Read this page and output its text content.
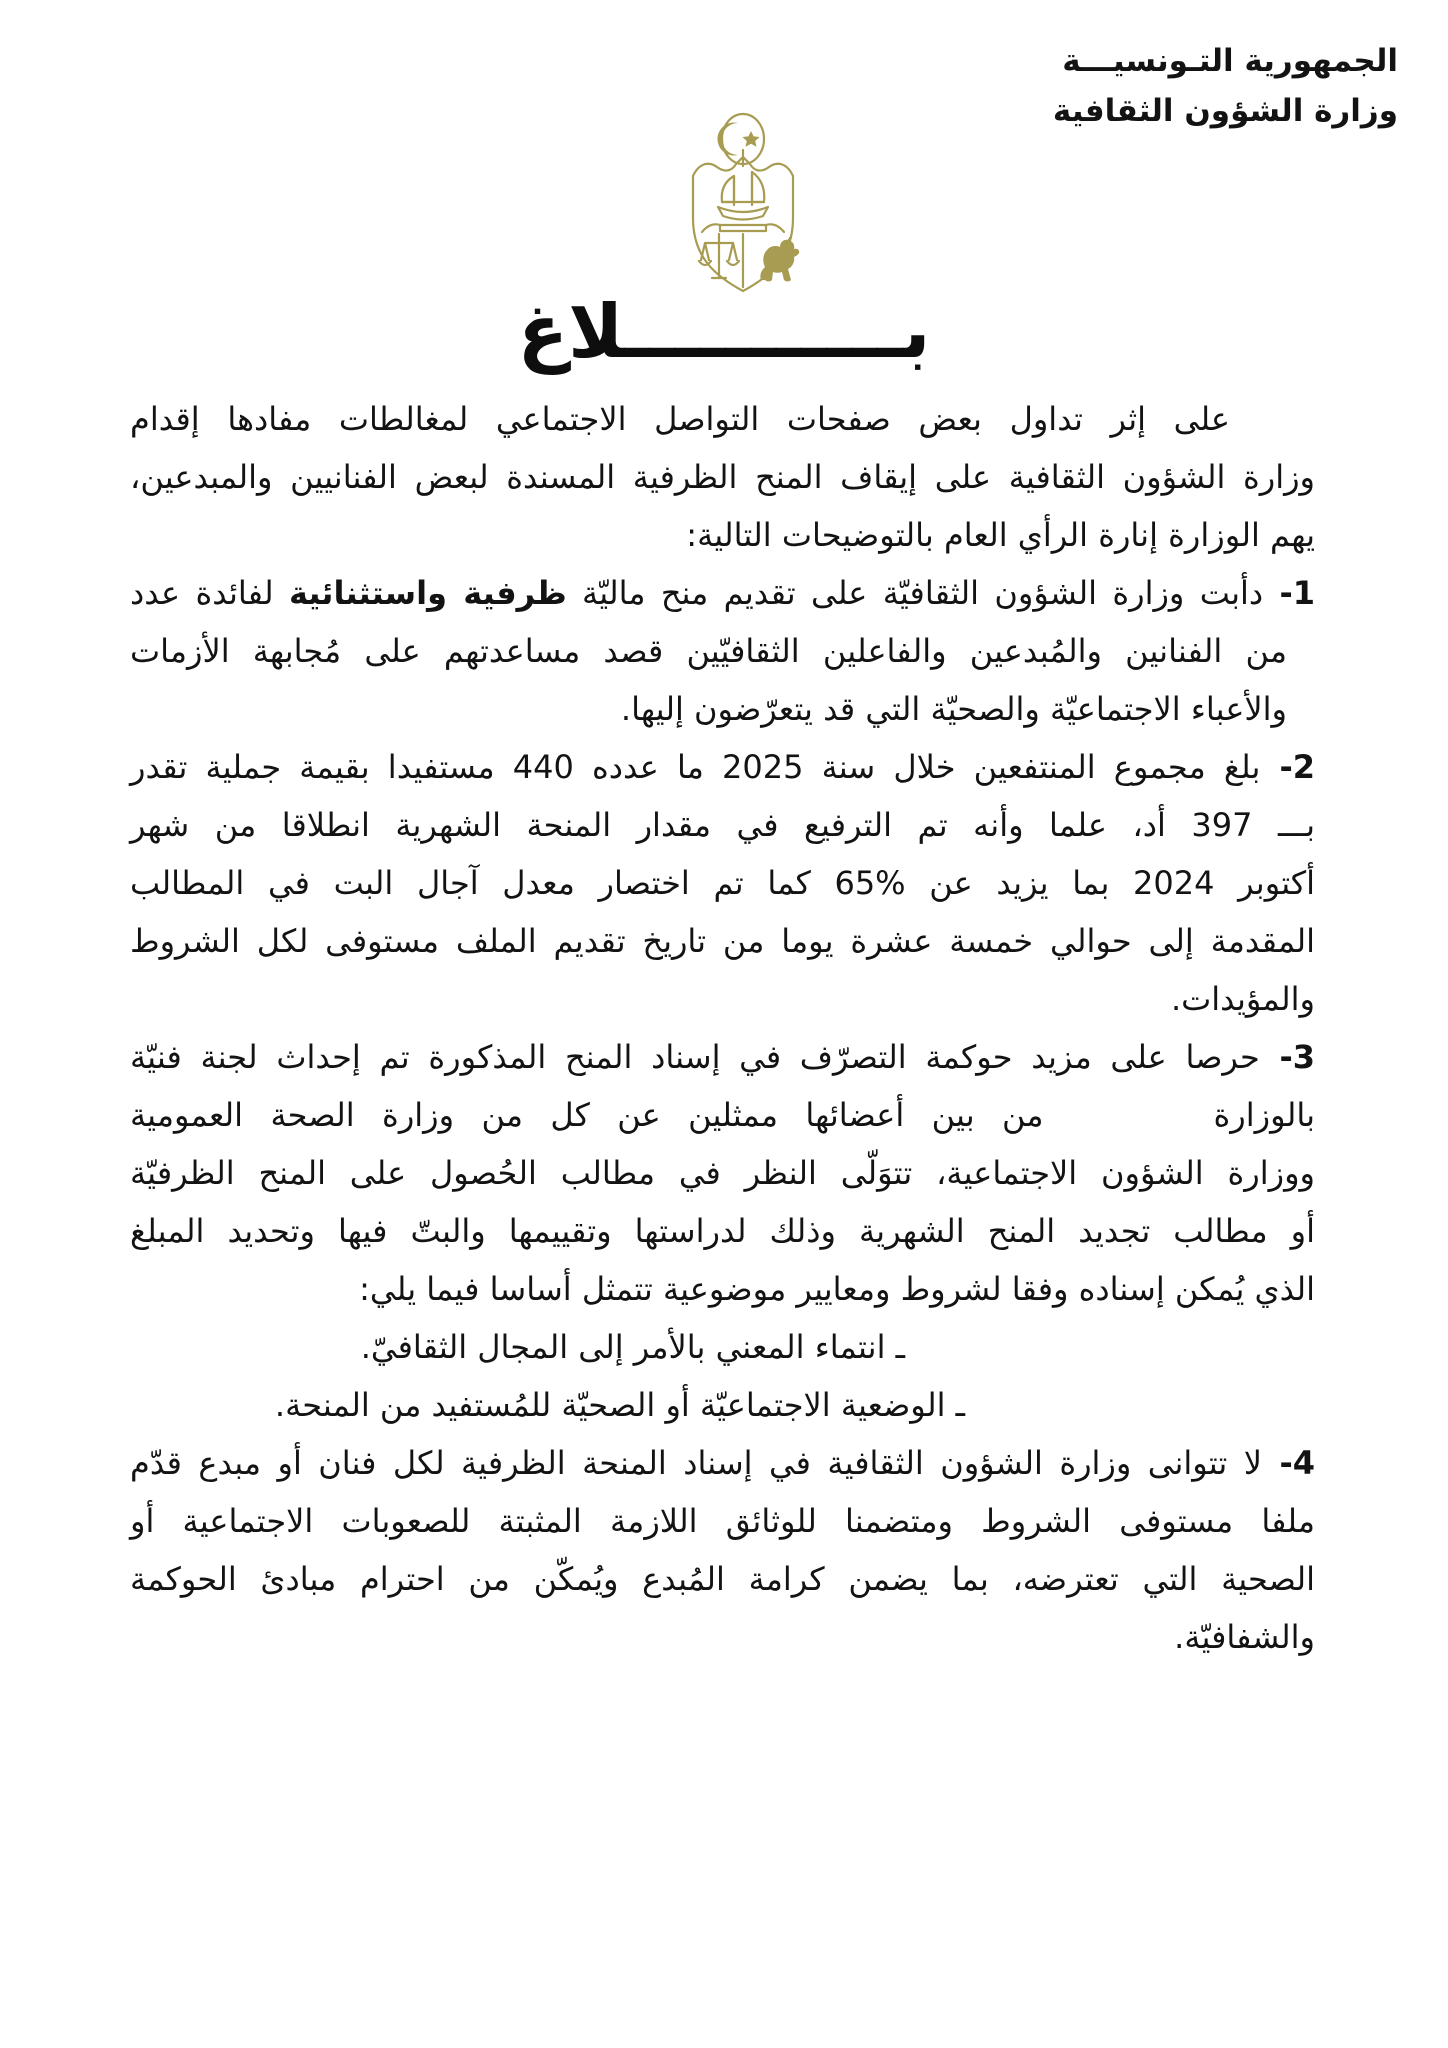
الجمهورية التـونسيـــة
وزارة الشؤون الثقافية
بـــــــــــلاغ
على إثر تداول بعض صفحات التواصل الاجتماعي لمغالطات مفادها إقدام
وزارة الشؤون الثقافية على إيقاف المنح الظرفية المسندة لبعض الفنانيين والمبدعين،
يهم الوزارة إنارة الرأي العام بالتوضيحات التالية:
1- دأبت وزارة الشؤون الثقافيّة على تقديم منح ماليّة ظرفية واستثنائية لفائدة عدد
من الفنانين والمُبدعين والفاعلين الثقافيّين قصد مساعدتهم على مُجابهة الأزمات
والأعباء الاجتماعيّة والصحيّة التي قد يتعرّضون إليها.
2- بلغ مجموع المنتفعين خلال سنة 2025 ما عدده 440 مستفيدا بقيمة جملية تقدر
بـــ 397 أد، علما وأنه تم الترفيع في مقدار المنحة الشهرية انطلاقا من شهر
أكتوبر 2024 بما يزيد عن %65 كما تم اختصار معدل آجال البت في المطالب
المقدمة إلى حوالي خمسة عشرة يوما من تاريخ تقديم الملف مستوفى لكل الشروط
والمؤيدات.
3- حرصا على مزيد حوكمة التصرّف في إسناد المنح المذكورة تم إحداث لجنة فنيّة
بالوزارة
من بين أعضائها ممثلين عن كل من وزارة الصحة العمومية
ووزارة الشؤون الاجتماعية، تتوَلّى النظر في مطالب الحُصول على المنح الظرفيّة
أو مطالب تجديد المنح الشهرية وذلك لدراستها وتقييمها والبتّ فيها وتحديد المبلغ
الذي يُمكن إسناده وفقا لشروط ومعايير موضوعية تتمثل أساسا فيما يلي:
ـ انتماء المعني بالأمر إلى المجال الثقافيّ.
ـ الوضعية الاجتماعيّة أو الصحيّة للمُستفيد من المنحة.
4- لا تتوانى وزارة الشؤون الثقافية في إسناد المنحة الظرفية لكل فنان أو مبدع قدّم
ملفا مستوفى الشروط ومتضمنا للوثائق اللازمة المثبتة للصعوبات الاجتماعية أو
الصحية التي تعترضه، بما يضمن كرامة المُبدع ويُمكّن من احترام مبادئ الحوكمة
والشفافيّة.
